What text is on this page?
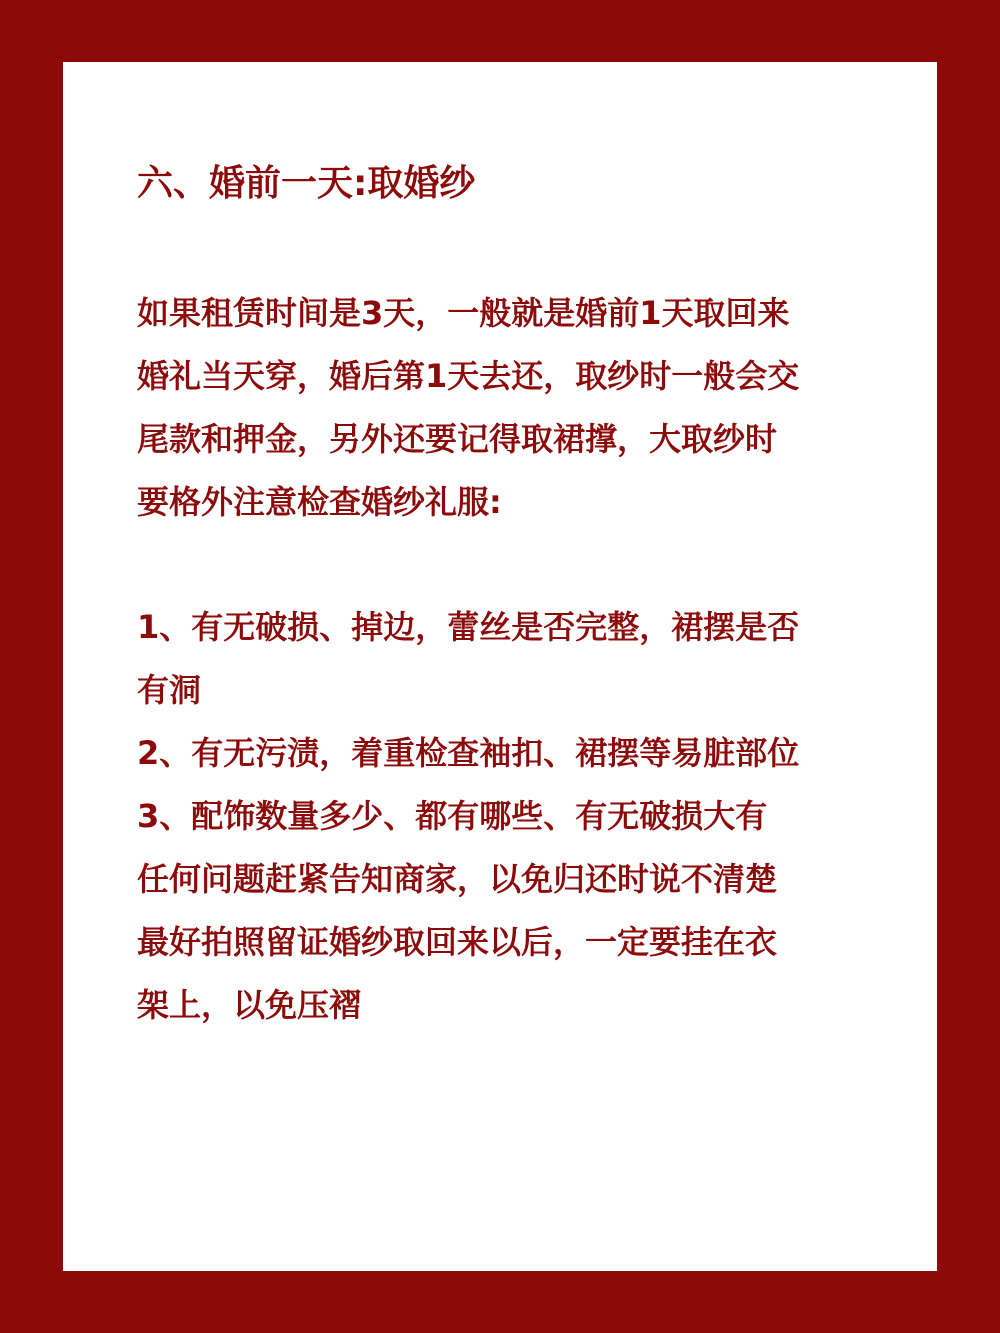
六、婚前一天:取婚纱
如果租赁时间是3天，一般就是婚前1天取回来
婚礼当天穿，婚后第1天去还，取纱时一般会交
尾款和押金，另外还要记得取裙撑，大取纱时
要格外注意检查婚纱礼服:
1、有无破损、掉边，蕾丝是否完整，裙摆是否
有洞
2、有无污渍，着重检查袖扣、裙摆等易脏部位
3、配饰数量多少、都有哪些、有无破损大有
任何问题赶紧告知商家，以免归还时说不清楚
最好拍照留证婚纱取回来以后，一定要挂在衣
架上，以免压褶
